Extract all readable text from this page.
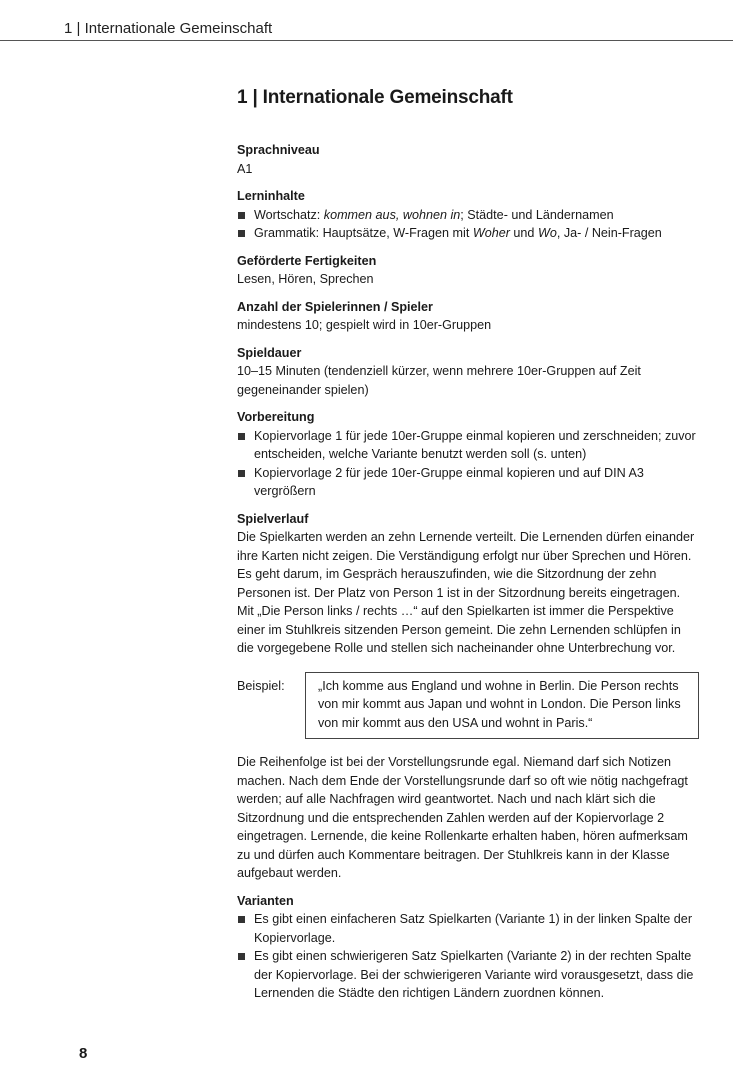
1 | Internationale Gemeinschaft
1 | Internationale Gemeinschaft

Sprachniveau

A1

Lerninhalte

Wortschatz: kommen aus, wohnen in; Städte- und Ländernamen
Grammatik: Hauptsätze, W-Fragen mit Woher und Wo, Ja- / Nein-Fragen

Geförderte Fertigkeiten

Lesen, Hören, Sprechen

Anzahl der Spielerinnen / Spieler

mindestens 10; gespielt wird in 10er-Gruppen

Spieldauer

10–15 Minuten (tendenziell kürzer, wenn mehrere 10er-Gruppen auf Zeit gegeneinander spielen)

Vorbereitung

Kopiervorlage 1 für jede 10er-Gruppe einmal kopieren und zerschneiden; zuvor entscheiden, welche Variante benutzt werden soll (s. unten)
Kopiervorlage 2 für jede 10er-Gruppe einmal kopieren und auf DIN A3 vergrößern

Spielverlauf

Die Spielkarten werden an zehn Lernende verteilt. Die Lernenden dürfen einander ihre Karten nicht zeigen. Die Verständigung erfolgt nur über Sprechen und Hören. Es geht darum, im Gespräch herauszufinden, wie die Sitzordnung der zehn Personen ist. Der Platz von Person 1 ist in der Sitzordnung bereits eingetragen. Mit „Die Person links / rechts …“ auf den Spielkarten ist immer die Perspektive einer im Stuhlkreis sitzenden Person gemeint. Die zehn Lernenden schlüpfen in die vorgegebene Rolle und stellen sich nacheinander ohne Unterbrechung vor.

Beispiel:	„Ich komme aus England und wohne in Berlin. Die Person rechts von mir kommt aus Japan und wohnt in London. Die Person links von mir kommt aus den USA und wohnt in Paris.“

Die Reihenfolge ist bei der Vorstellungsrunde egal. Niemand darf sich Notizen machen. Nach dem Ende der Vorstellungsrunde darf so oft wie nötig nachgefragt werden; auf alle Nachfragen wird geantwortet. Nach und nach klärt sich die Sitzordnung und die entsprechenden Zahlen werden auf der Kopiervorlage 2 eingetragen. Lernende, die keine Rollenkarte erhalten haben, hören aufmerksam zu und dürfen auch Kommentare beitragen. Der Stuhlkreis kann in der Klasse aufgebaut werden.

Varianten

Es gibt einen einfacheren Satz Spielkarten (Variante 1) in der linken Spalte der Kopiervorlage.
Es gibt einen schwierigeren Satz Spielkarten (Variante 2) in der rechten Spalte der Kopiervorlage. Bei der schwierigeren Variante wird vorausgesetzt, dass die Lernenden die Städte den richtigen Ländern zuordnen können.
8
